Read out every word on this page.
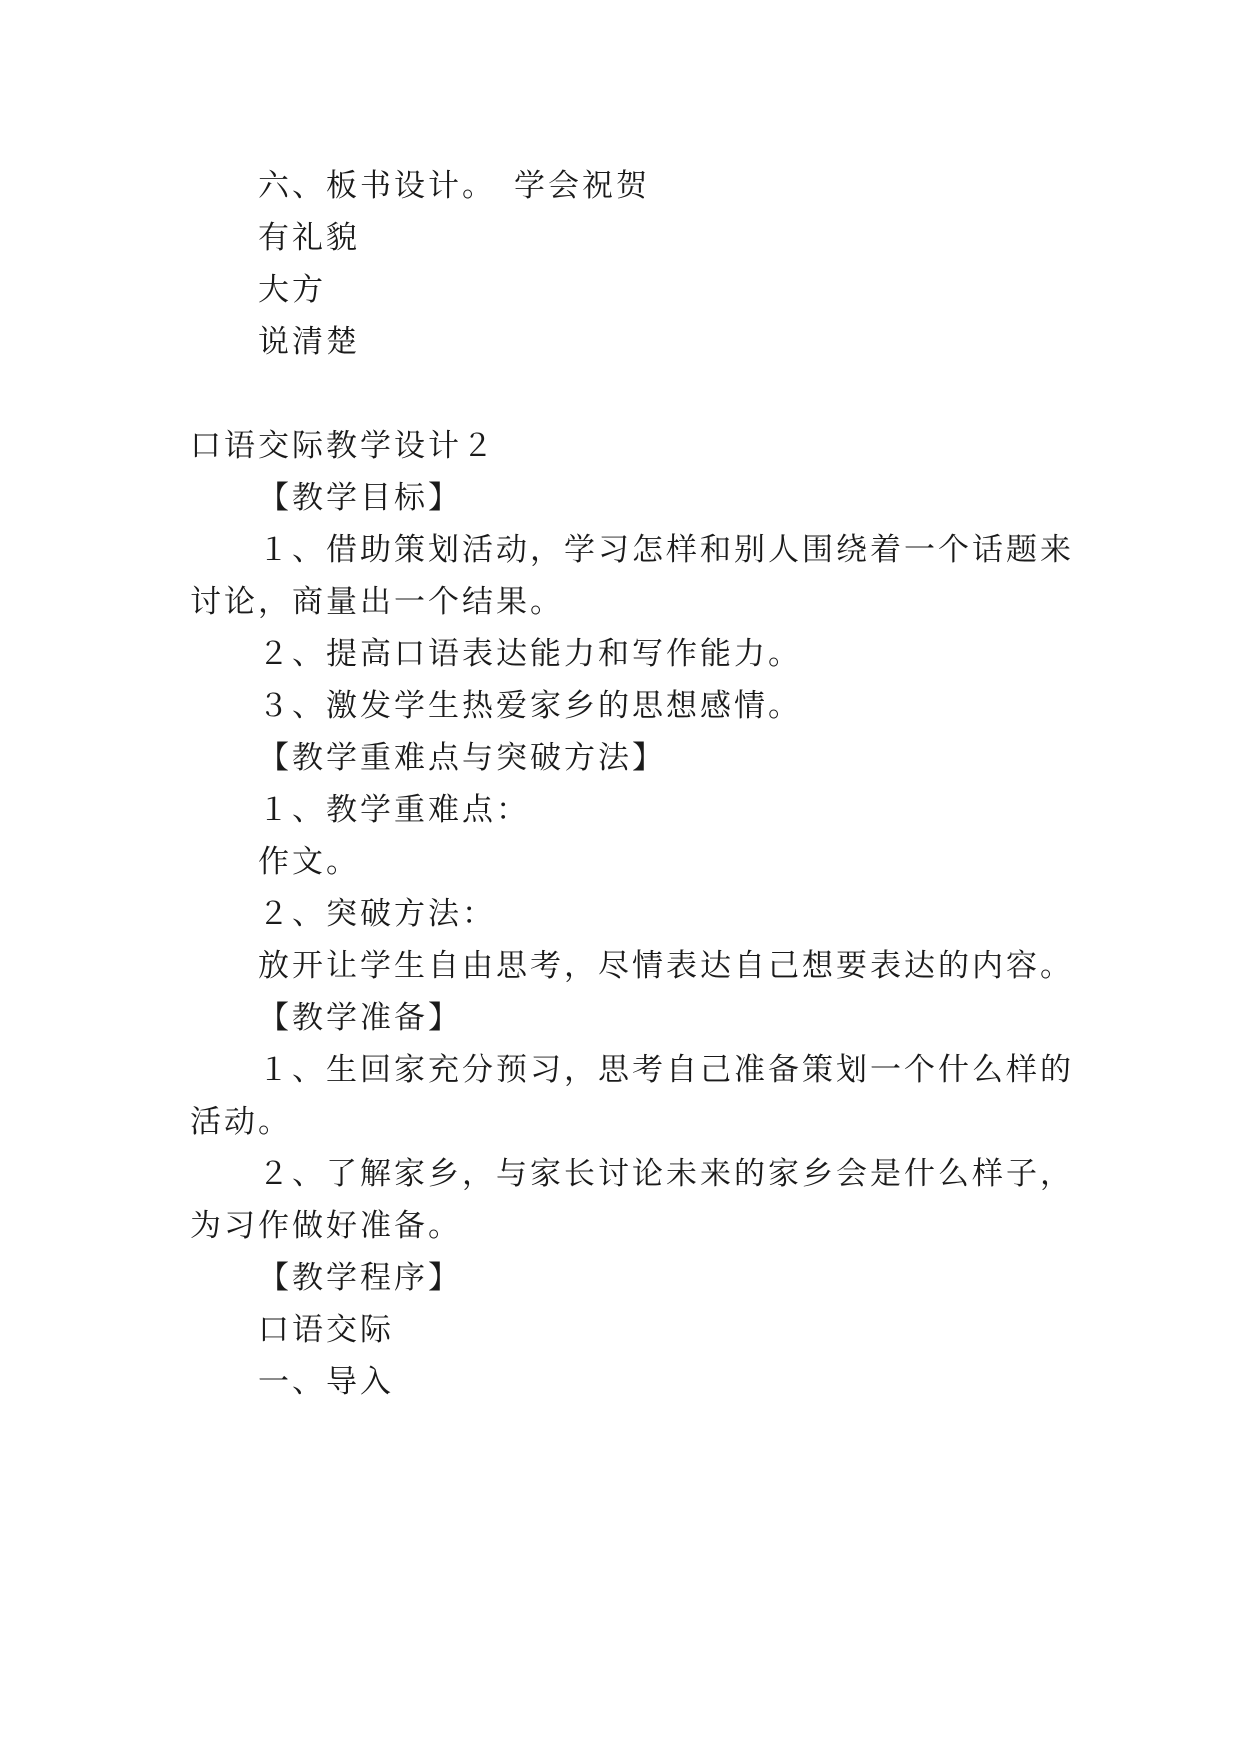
六、板书设计。 学会祝贺
有礼貌
大方
说清楚
口语交际教学设计２
【教学目标】
１、借助策划活动，学习怎样和别人围绕着一个话题来
讨论，商量出一个结果。
２、提高口语表达能力和写作能力。
３、激发学生热爱家乡的思想感情。
【教学重难点与突破方法】
１、教学重难点：
作文。
２、突破方法：
放开让学生自由思考，尽情表达自己想要表达的内容。
【教学准备】
１、生回家充分预习，思考自己准备策划一个什么样的
活动。
２、了解家乡，与家长讨论未来的家乡会是什么样子，
为习作做好准备。
【教学程序】
口语交际
一、导入
